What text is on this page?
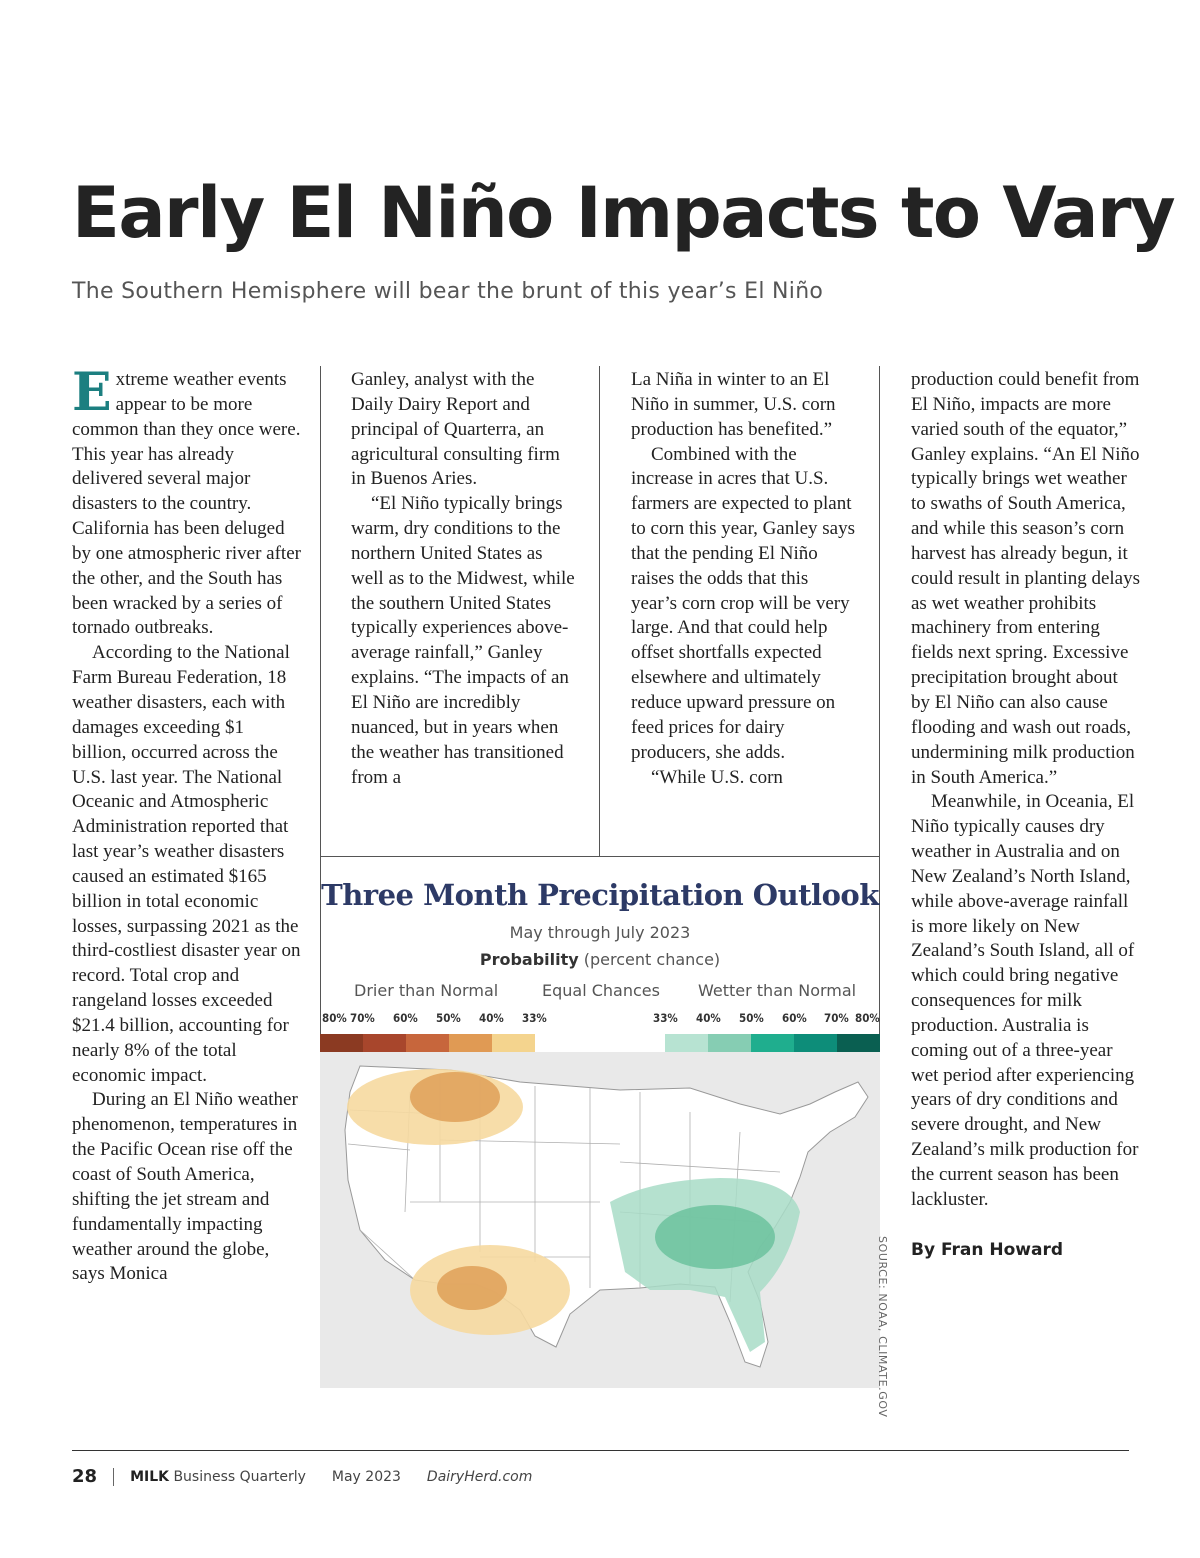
Early El Niño Impacts to Vary

The Southern Hemisphere will bear the brunt of this year’s El Niño

Extreme weather events appear to be more common than they once were. This year has already delivered several major disasters to the country. California has been deluged by one atmospheric river after the other, and the South has been wracked by a series of tornado outbreaks.

According to the National Farm Bureau Federation, 18 weather disasters, each with damages exceeding $1 billion, occurred across the U.S. last year. The National Oceanic and Atmospheric Administration reported that last year’s weather disasters caused an estimated $165 billion in total economic losses, surpassing 2021 as the third-costliest disaster year on record. Total crop and rangeland losses exceeded $21.4 billion, accounting for nearly 8% of the total economic impact.

During an El Niño weather phenomenon, temperatures in the Pacific Ocean rise off the coast of South America, shifting the jet stream and fundamentally impacting weather around the globe, says Monica

Ganley, analyst with the Daily Dairy Report and principal of Quarterra, an agricultural consulting firm in Buenos Aries.

“El Niño typically brings warm, dry conditions to the northern United States as well as to the Midwest, while the southern United States typically experiences above-average rainfall,” Ganley explains. “The impacts of an El Niño are incredibly nuanced, but in years when the weather has transitioned from a

La Niña in winter to an El Niño in summer, U.S. corn production has benefited.”

Combined with the increase in acres that U.S. farmers are expected to plant to corn this year, Ganley says that the pending El Niño raises the odds that this year’s corn crop will be very large. And that could help offset shortfalls expected elsewhere and ultimately reduce upward pressure on feed prices for dairy producers, she adds.

“While U.S. corn

production could benefit from El Niño, impacts are more varied south of the equator,” Ganley explains. “An El Niño typically brings wet weather to swaths of South America, and while this season’s corn harvest has already begun, it could result in planting delays as wet weather prohibits machinery from entering fields next spring. Excessive precipitation brought about by El Niño can also cause flooding and wash out roads, undermining milk production in South America.”

Meanwhile, in Oceania, El Niño typically causes dry weather in Australia and on New Zealand’s North Island, while above-average rainfall is more likely on New Zealand’s South Island, all of which could bring negative consequences for milk production. Australia is coming out of a three-year wet period after experiencing years of dry conditions and severe drought, and New Zealand’s milk production for the current season has been lackluster.

By Fran Howard

Three Month Precipitation Outlook
May through July 2023
Probability (percent chance)
Drier than Normal	Equal Chances Wetter than Normal
80% 70% 60% 50% 40% 33%	33% 40% 50% 60% 70% 80%
SOURCE: NOAA, CLIMATE.GOV
28 MILK
Business Quarterly May 2023 DairyHerd.com
